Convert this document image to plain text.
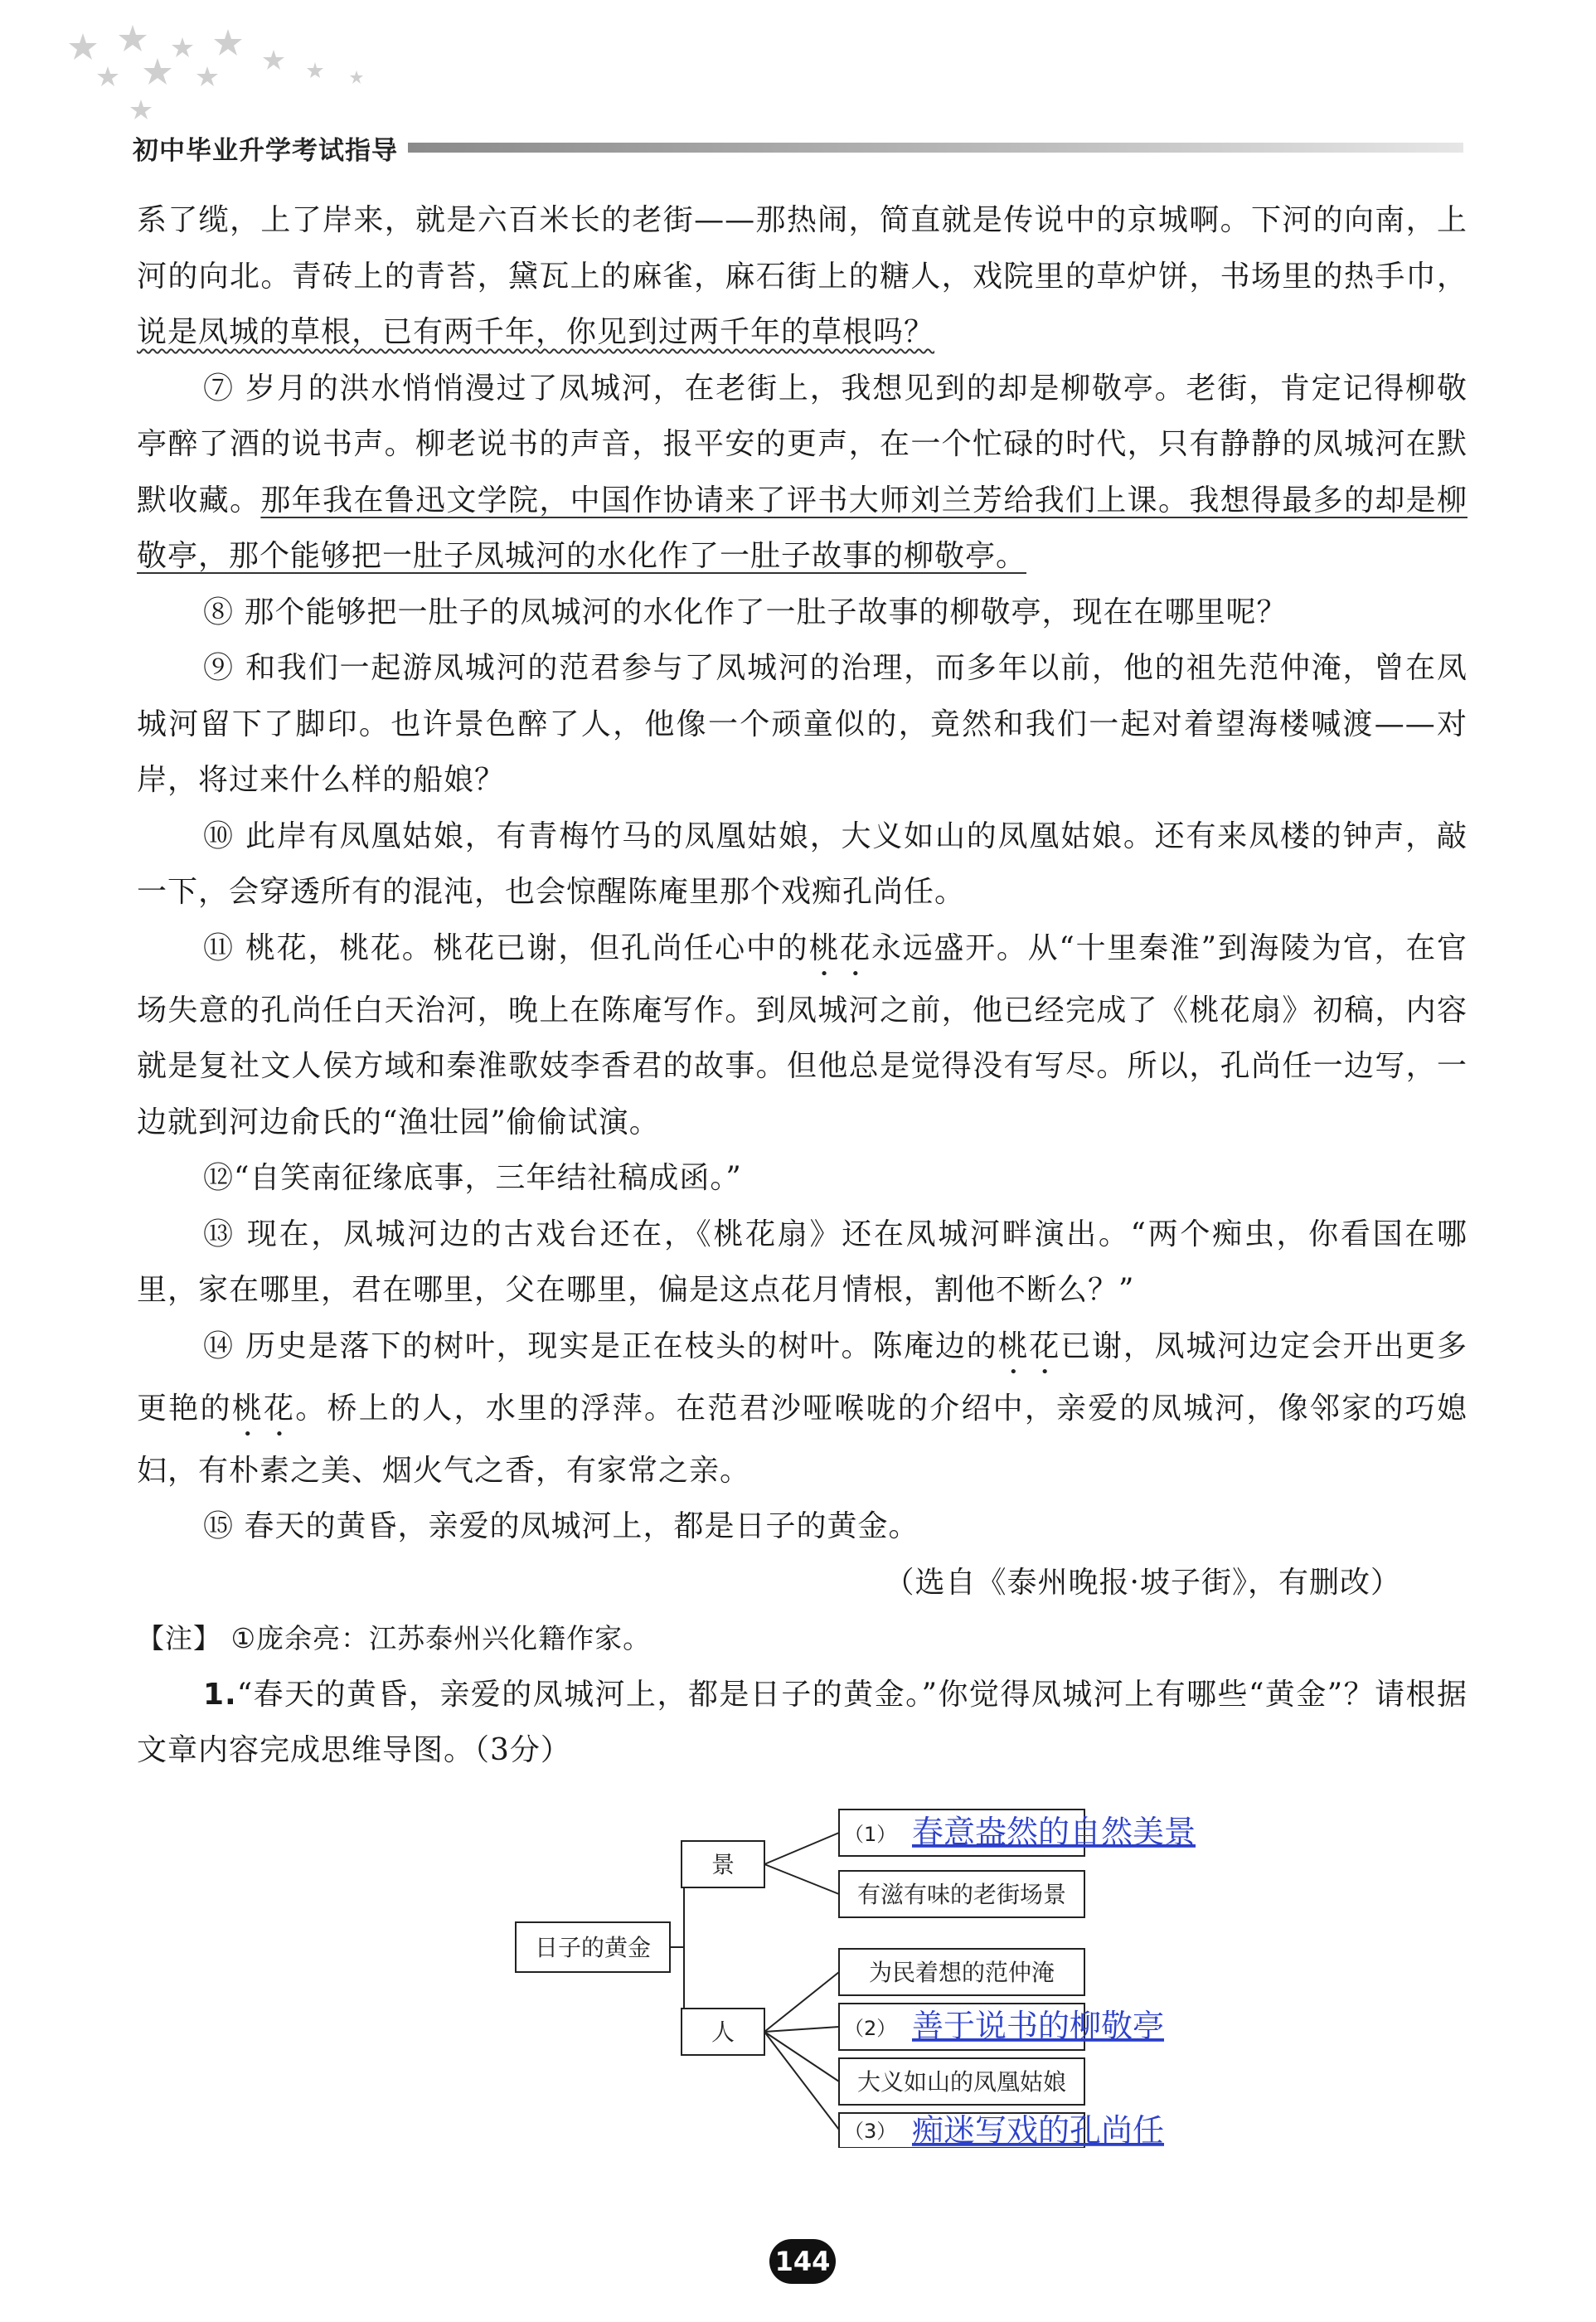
初中毕业升学考试指导

系了缆，上了岸来，就是六百米长的老街——那热闹，简直就是传说中的京城啊。下河的向南，上河的向北。青砖上的青苔，黛瓦上的麻雀，麻石街上的糖人，戏院里的草炉饼，书场里的热手巾，说是凤城的草根，已有两千年，你见到过两千年的草根吗？

⑦ 岁月的洪水悄悄漫过了凤城河，在老街上，我想见到的却是柳敬亭。老街，肯定记得柳敬亭醉了酒的说书声。柳老说书的声音，报平安的更声，在一个忙碌的时代，只有静静的凤城河在默默收藏。那年我在鲁迅文学院，中国作协请来了评书大师刘兰芳给我们上课。我想得最多的却是柳敬亭，那个能够把一肚子凤城河的水化作了一肚子故事的柳敬亭。

⑧ 那个能够把一肚子的凤城河的水化作了一肚子故事的柳敬亭，现在在哪里呢？

⑨ 和我们一起游凤城河的范君参与了凤城河的治理，而多年以前，他的祖先范仲淹，曾在凤城河留下了脚印。也许景色醉了人，他像一个顽童似的，竟然和我们一起对着望海楼喊渡——对岸，将过来什么样的船娘？

⑩ 此岸有凤凰姑娘，有青梅竹马的凤凰姑娘，大义如山的凤凰姑娘。还有来凤楼的钟声，敲一下，会穿透所有的混沌，也会惊醒陈庵里那个戏痴孔尚任。

⑪ 桃花，桃花。桃花已谢，但孔尚任心中的桃花永远盛开。从“十里秦淮”到海陵为官，在官场失意的孔尚任白天治河，晚上在陈庵写作。到凤城河之前，他已经完成了《桃花扇》初稿，内容就是复社文人侯方域和秦淮歌妓李香君的故事。但他总是觉得没有写尽。所以，孔尚任一边写，一边就到河边俞氏的“渔壮园”偷偷试演。

⑫“自笑南征缘底事，三年结社稿成函。”

⑬ 现在，凤城河边的古戏台还在，《桃花扇》还在凤城河畔演出。“两个痴虫，你看国在哪里，家在哪里，君在哪里，父在哪里，偏是这点花月情根，割他不断么？”

⑭ 历史是落下的树叶，现实是正在枝头的树叶。陈庵边的桃花已谢，凤城河边定会开出更多更艳的桃花。桥上的人，水里的浮萍。在范君沙哑喉咙的介绍中，亲爱的凤城河，像邻家的巧媳妇，有朴素之美、烟火气之香，有家常之亲。

⑮ 春天的黄昏，亲爱的凤城河上，都是日子的黄金。

（选自《泰州晚报·坡子街》，有删改）

【注】 ①庞余亮：江苏泰州兴化籍作家。

1.“春天的黄昏，亲爱的凤城河上，都是日子的黄金。”你觉得凤城河上有哪些“黄金”？请根据文章内容完成思维导图。（3分）

日子的黄金
景
人
有滋有味的老街场景
为民着想的范仲淹
大义如山的凤凰姑娘
（1）
（2）
（3）
春意盎然的自然美景
善于说书的柳敬亭
痴迷写戏的孔尚任
144
